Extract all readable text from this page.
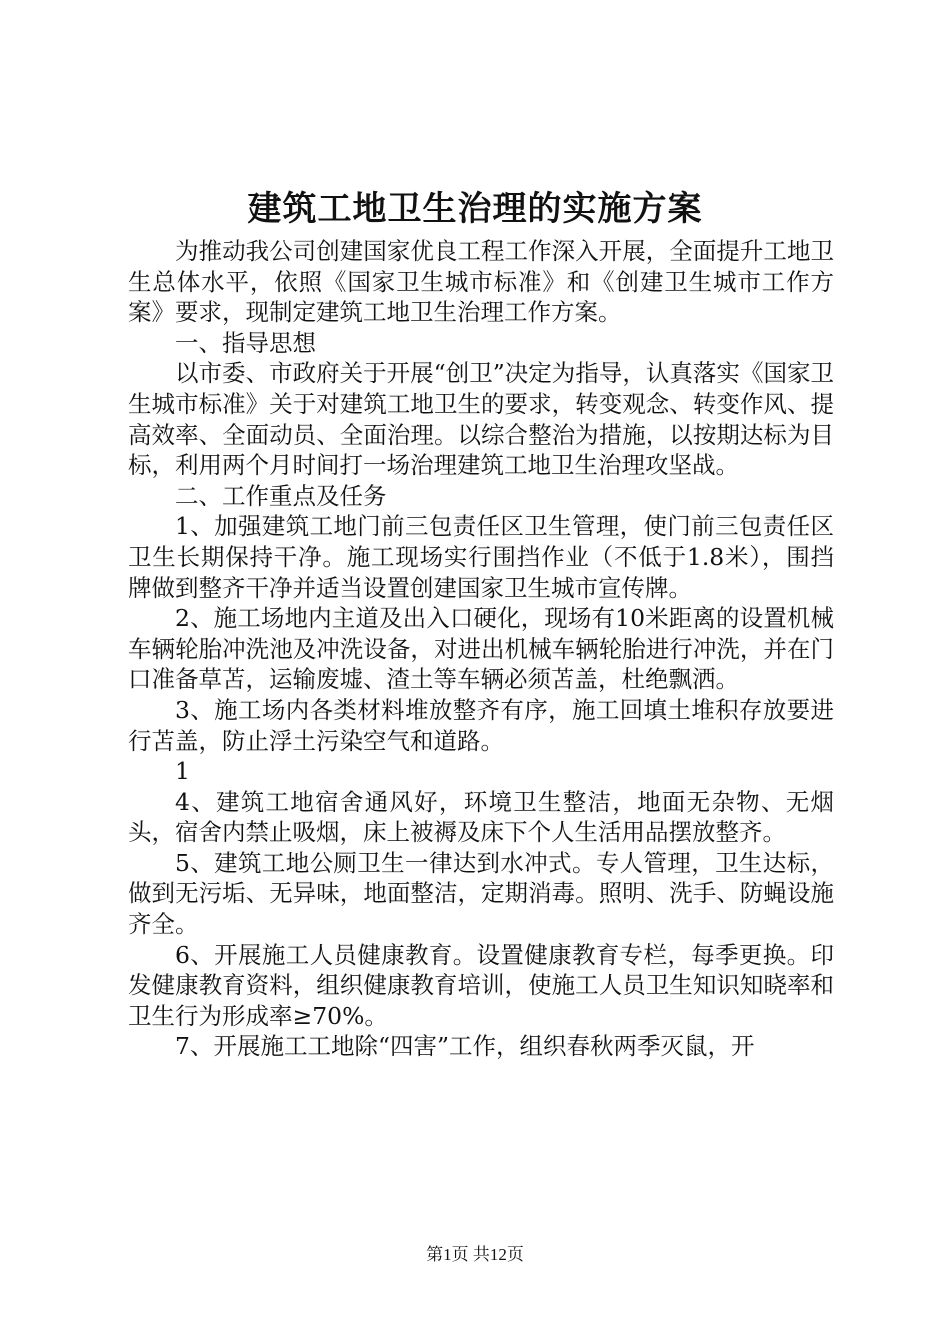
建筑工地卫生治理的实施方案

为推动我公司创建国家优良工程工作深入开展，全面提升工地卫生总体水平，依照《国家卫生城市标准》和《创建卫生城市工作方案》要求，现制定建筑工地卫生治理工作方案。

一、指导思想

以市委、市政府关于开展“创卫”决定为指导，认真落实《国家卫生城市标准》关于对建筑工地卫生的要求，转变观念、转变作风、提高效率、全面动员、全面治理。以综合整治为措施，以按期达标为目标，利用两个月时间打一场治理建筑工地卫生治理攻坚战。

二、工作重点及任务

1、加强建筑工地门前三包责任区卫生管理，使门前三包责任区卫生长期保持干净。施工现场实行围挡作业（不低于1.8米），围挡牌做到整齐干净并适当设置创建国家卫生城市宣传牌。

2、施工场地内主道及出入口硬化，现场有10米距离的设置机械车辆轮胎冲洗池及冲洗设备，对进出机械车辆轮胎进行冲洗，并在门口准备草苫，运输废墟、渣土等车辆必须苫盖，杜绝飘洒。

3、施工场内各类材料堆放整齐有序，施工回填土堆积存放要进行苫盖，防止浮土污染空气和道路。

1

4、建筑工地宿舍通风好，环境卫生整洁，地面无杂物、无烟头，宿舍内禁止吸烟，床上被褥及床下个人生活用品摆放整齐。

5、建筑工地公厕卫生一律达到水冲式。专人管理，卫生达标，做到无污垢、无异味，地面整洁，定期消毒。照明、洗手、防蝇设施齐全。

6、开展施工人员健康教育。设置健康教育专栏，每季更换。印发健康教育资料，组织健康教育培训，使施工人员卫生知识知晓率和卫生行为形成率≥70%。

7、开展施工工地除“四害”工作，组织春秋两季灭鼠，开

第1页 共12页
